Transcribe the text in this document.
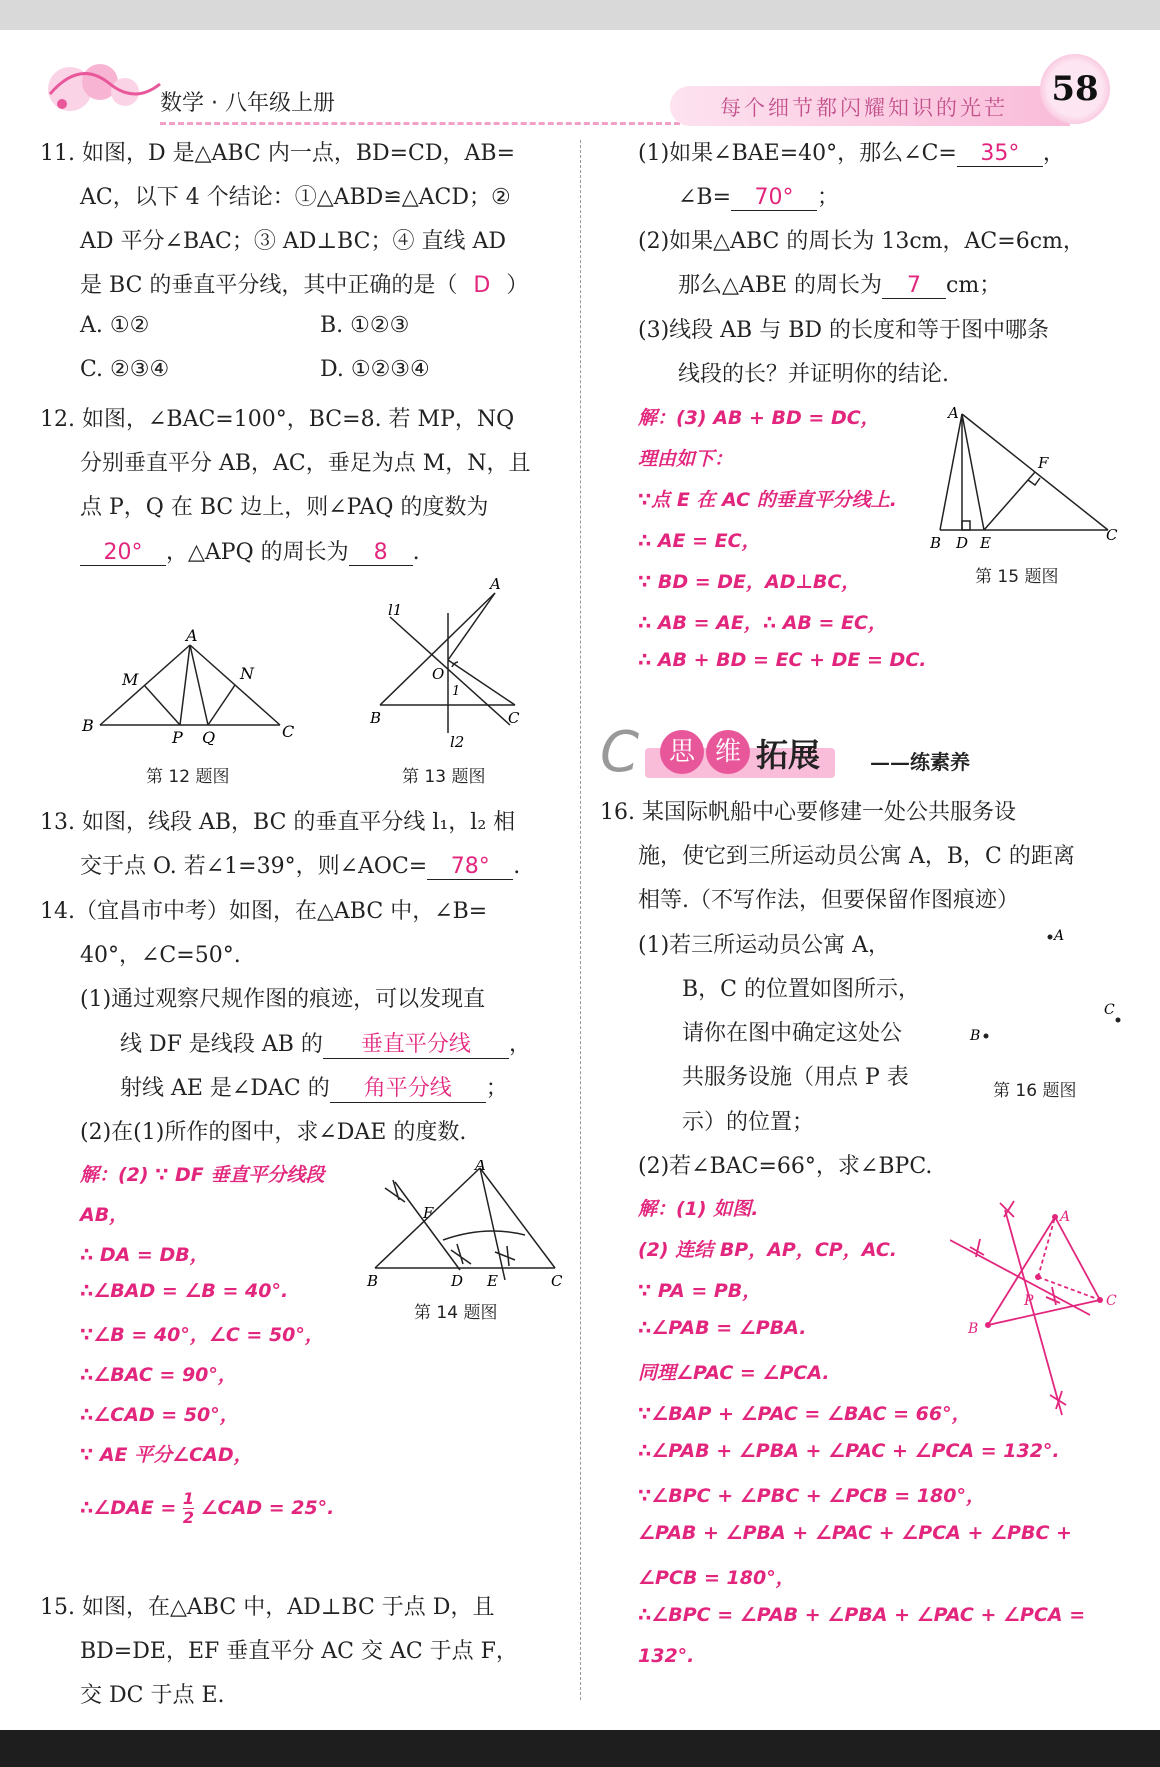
数学 · 八年级上册	每个细节都闪耀知识的光芒	58
11. 如图，D 是△ABC 内一点，BD=CD，AB=
AC，以下 4 个结论：①△ABD≌△ACD；②
AD 平分∠BAC；③ AD⊥BC；④ 直线 AD
是 BC 的垂直平分线，其中正确的是（ D ）
A. ①②	B. ①②③
C. ②③④	D. ①②③④
12. 如图，∠BAC=100°，BC=8. 若 MP，NQ
分别垂直平分 AB，AC，垂足为点 M，N，且
点 P，Q 在 BC 边上，则∠PAQ 的度数为
20° ，△APQ 的周长为 8 .
A
M	N
B
P Q	C
第 12 题图
A
l1
O
1
B	C
l2
第 13 题图
13. 如图，线段 AB，BC 的垂直平分线 l₁，l₂ 相
交于点 O. 若∠1=39°，则∠AOC= 78° .
14.（宜昌市中考）如图，在△ABC 中，∠B=
40°，∠C=50°.
(1)通过观察尺规作图的痕迹，可以发现直
线 DF 是线段 AB 的 垂直平分线 ，
射线 AE 是∠DAC 的 角平分线 ；
(2)在(1)所作的图中，求∠DAE 的度数.
解：(2) ∵ DF 垂直平分线段
AB，
∴ DA = DB，
∴∠BAD = ∠B = 40°.
∵∠B = 40°，∠C = 50°，
∴∠BAC = 90°，
∴∠CAD = 50°，
∵ AE 平分∠CAD，
∴∠DAE = $\frac{1}{2}$ ∠CAD = 25°.
A
F
B	D E	C
第 14 题图
15. 如图，在△ABC 中，AD⊥BC 于点 D，且
BD=DE，EF 垂直平分 AC 交 AC 于点 F，
交 DC 于点 E.
(1)如果∠BAE=40°，那么∠C= 35° ，
∠B= 70° ；
(2)如果△ABC 的周长为 13cm，AC=6cm，
那么△ABE 的周长为 7 cm；
(3)线段 AB 与 BD 的长度和等于图中哪条
线段的长？并证明你的结论.
解：(3) AB + BD = DC，
理由如下：
∵点 E 在 AC 的垂直平分线上.
∴ AE = EC，
∵ BD = DE，AD⊥BC，
∴ AB = AE，∴ AB = EC，
∴ AB + BD = EC + DE = DC.
A
F
B D E	C
第 15 题图
C	思 维 拓展 ——练素养
16. 某国际帆船中心要修建一处公共服务设
施，使它到三所运动员公寓 A，B，C 的距离
相等.（不写作法，但要保留作图痕迹）
(1)若三所运动员公寓 A，
B，C 的位置如图所示，
请你在图中确定这处公
共服务设施（用点 P 表
示）的位置；
(2)若∠BAC=66°，求∠BPC.
A
C
B
第 16 题图
解：(1) 如图.
(2) 连结 BP，AP，CP，AC.
∵ PA = PB，
∴∠PAB = ∠PBA.
同理∠PAC = ∠PCA.
∵∠BAP + ∠PAC = ∠BAC = 66°，
∴∠PAB + ∠PBA + ∠PAC + ∠PCA = 132°.
∵∠BPC + ∠PBC + ∠PCB = 180°，
∠PAB + ∠PBA + ∠PAC + ∠PCA + ∠PBC +
∠PCB = 180°，
∴∠BPC = ∠PAB + ∠PBA + ∠PAC + ∠PCA =
132°.
A
P	C
B
